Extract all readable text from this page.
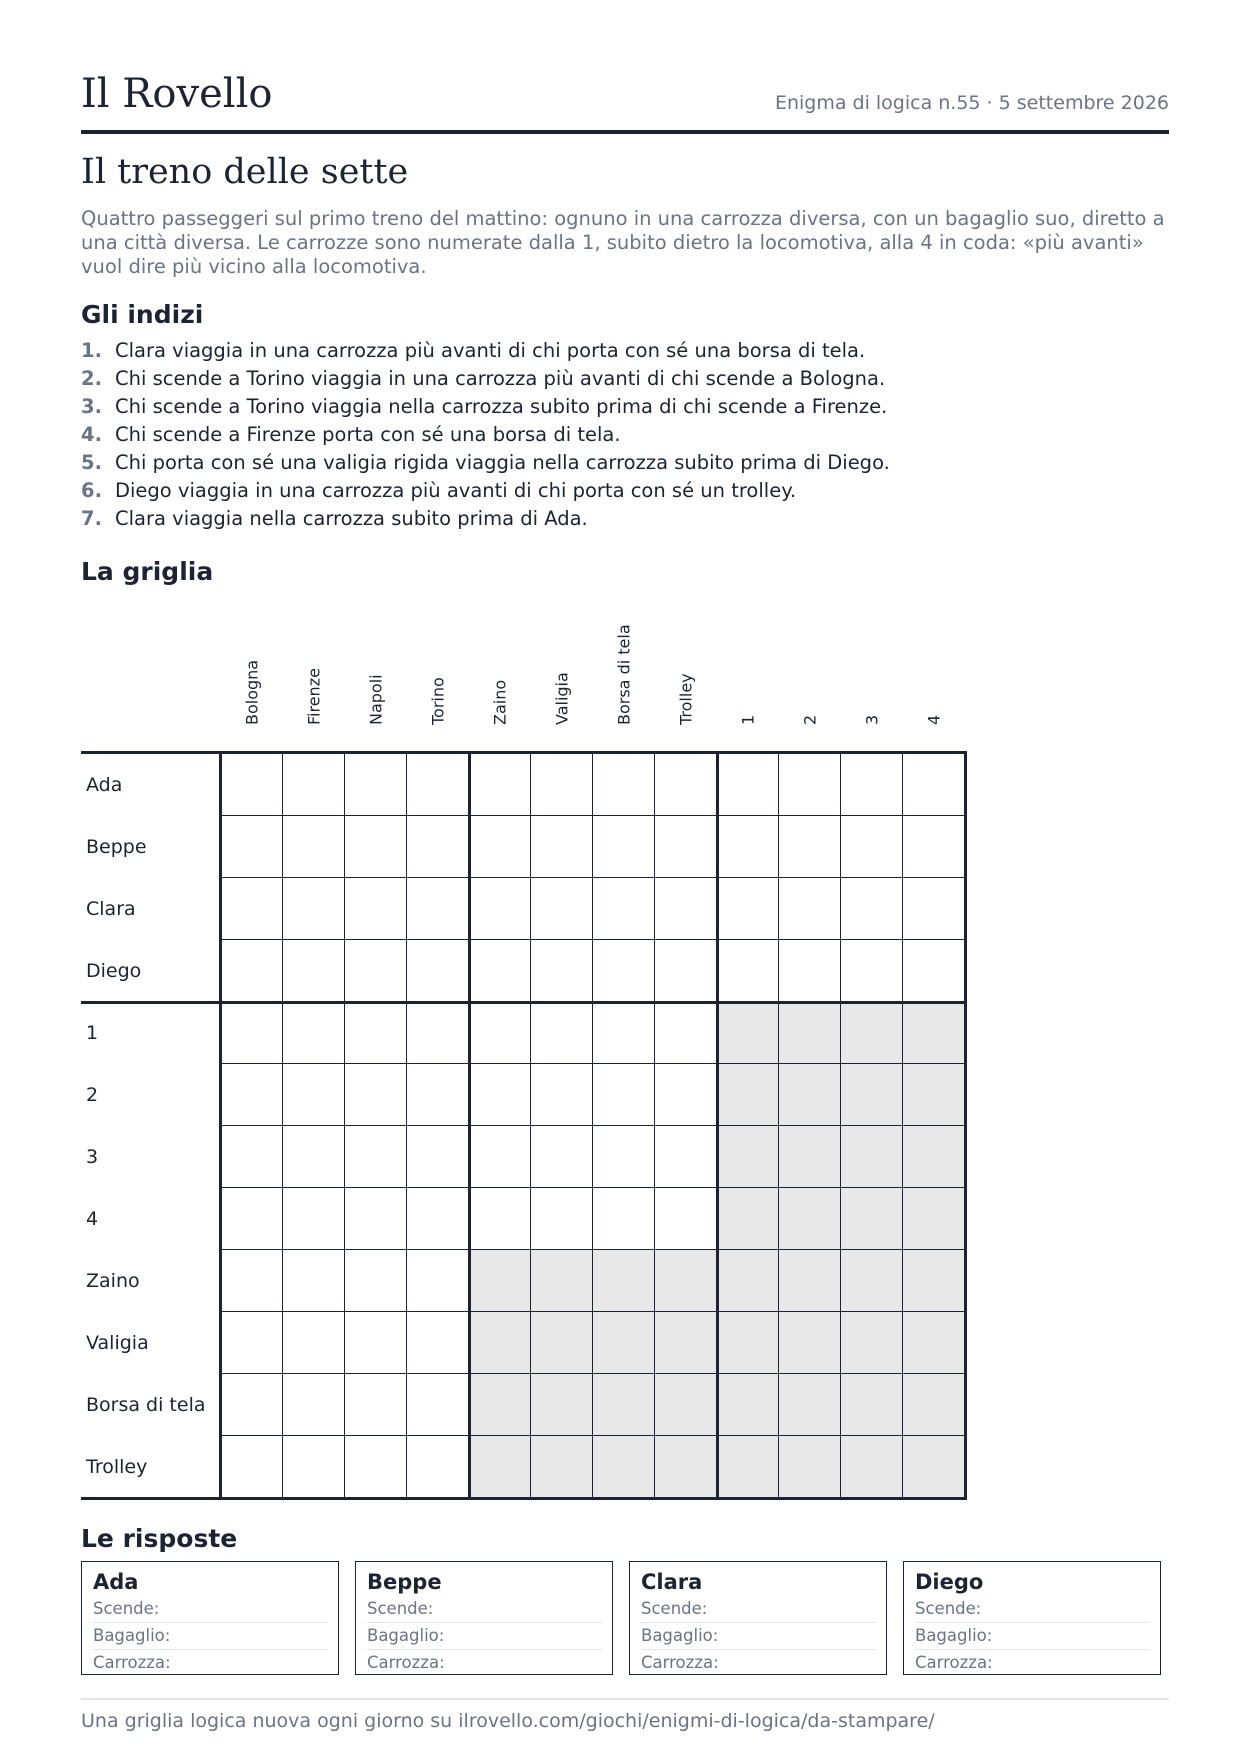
Il Rovello	Enigma di logica n.55 · 5 settembre 2026
Il treno delle sette

Quattro passeggeri sul primo treno del mattino: ognuno in una carrozza diversa, con un bagaglio suo, diretto a una città diversa. Le carrozze sono numerate dalla 1, subito dietro la locomotiva, alla 4 in coda: «più avanti» vuol dire più vicino alla locomotiva.

Gli indizi
1. Clara viaggia in una carrozza più avanti di chi porta con sé una borsa di tela.
2. Chi scende a Torino viaggia in una carrozza più avanti di chi scende a Bologna.
3. Chi scende a Torino viaggia nella carrozza subito prima di chi scende a Firenze.
4. Chi scende a Firenze porta con sé una borsa di tela.
5. Chi porta con sé una valigia rigida viaggia nella carrozza subito prima di Diego.
6. Diego viaggia in una carrozza più avanti di chi porta con sé un trolley.
7. Clara viaggia nella carrozza subito prima di Ada.
La griglia
Bologna	Firenze	Napoli	Torino	Zaino	Valigia	Borsa di tela	Trolley	1	2	3	4
Ada
Beppe
Clara
Diego
1
2
3
4
Zaino
Valigia
Borsa di tela
Trolley
Le risposte
Ada
Scende:
Bagaglio:
Carrozza:
Beppe
Scende:
Bagaglio:
Carrozza:
Clara
Scende:
Bagaglio:
Carrozza:
Diego
Scende:
Bagaglio:
Carrozza:
Una griglia logica nuova ogni giorno su ilrovello.com/giochi/enigmi-di-logica/da-stampare/
